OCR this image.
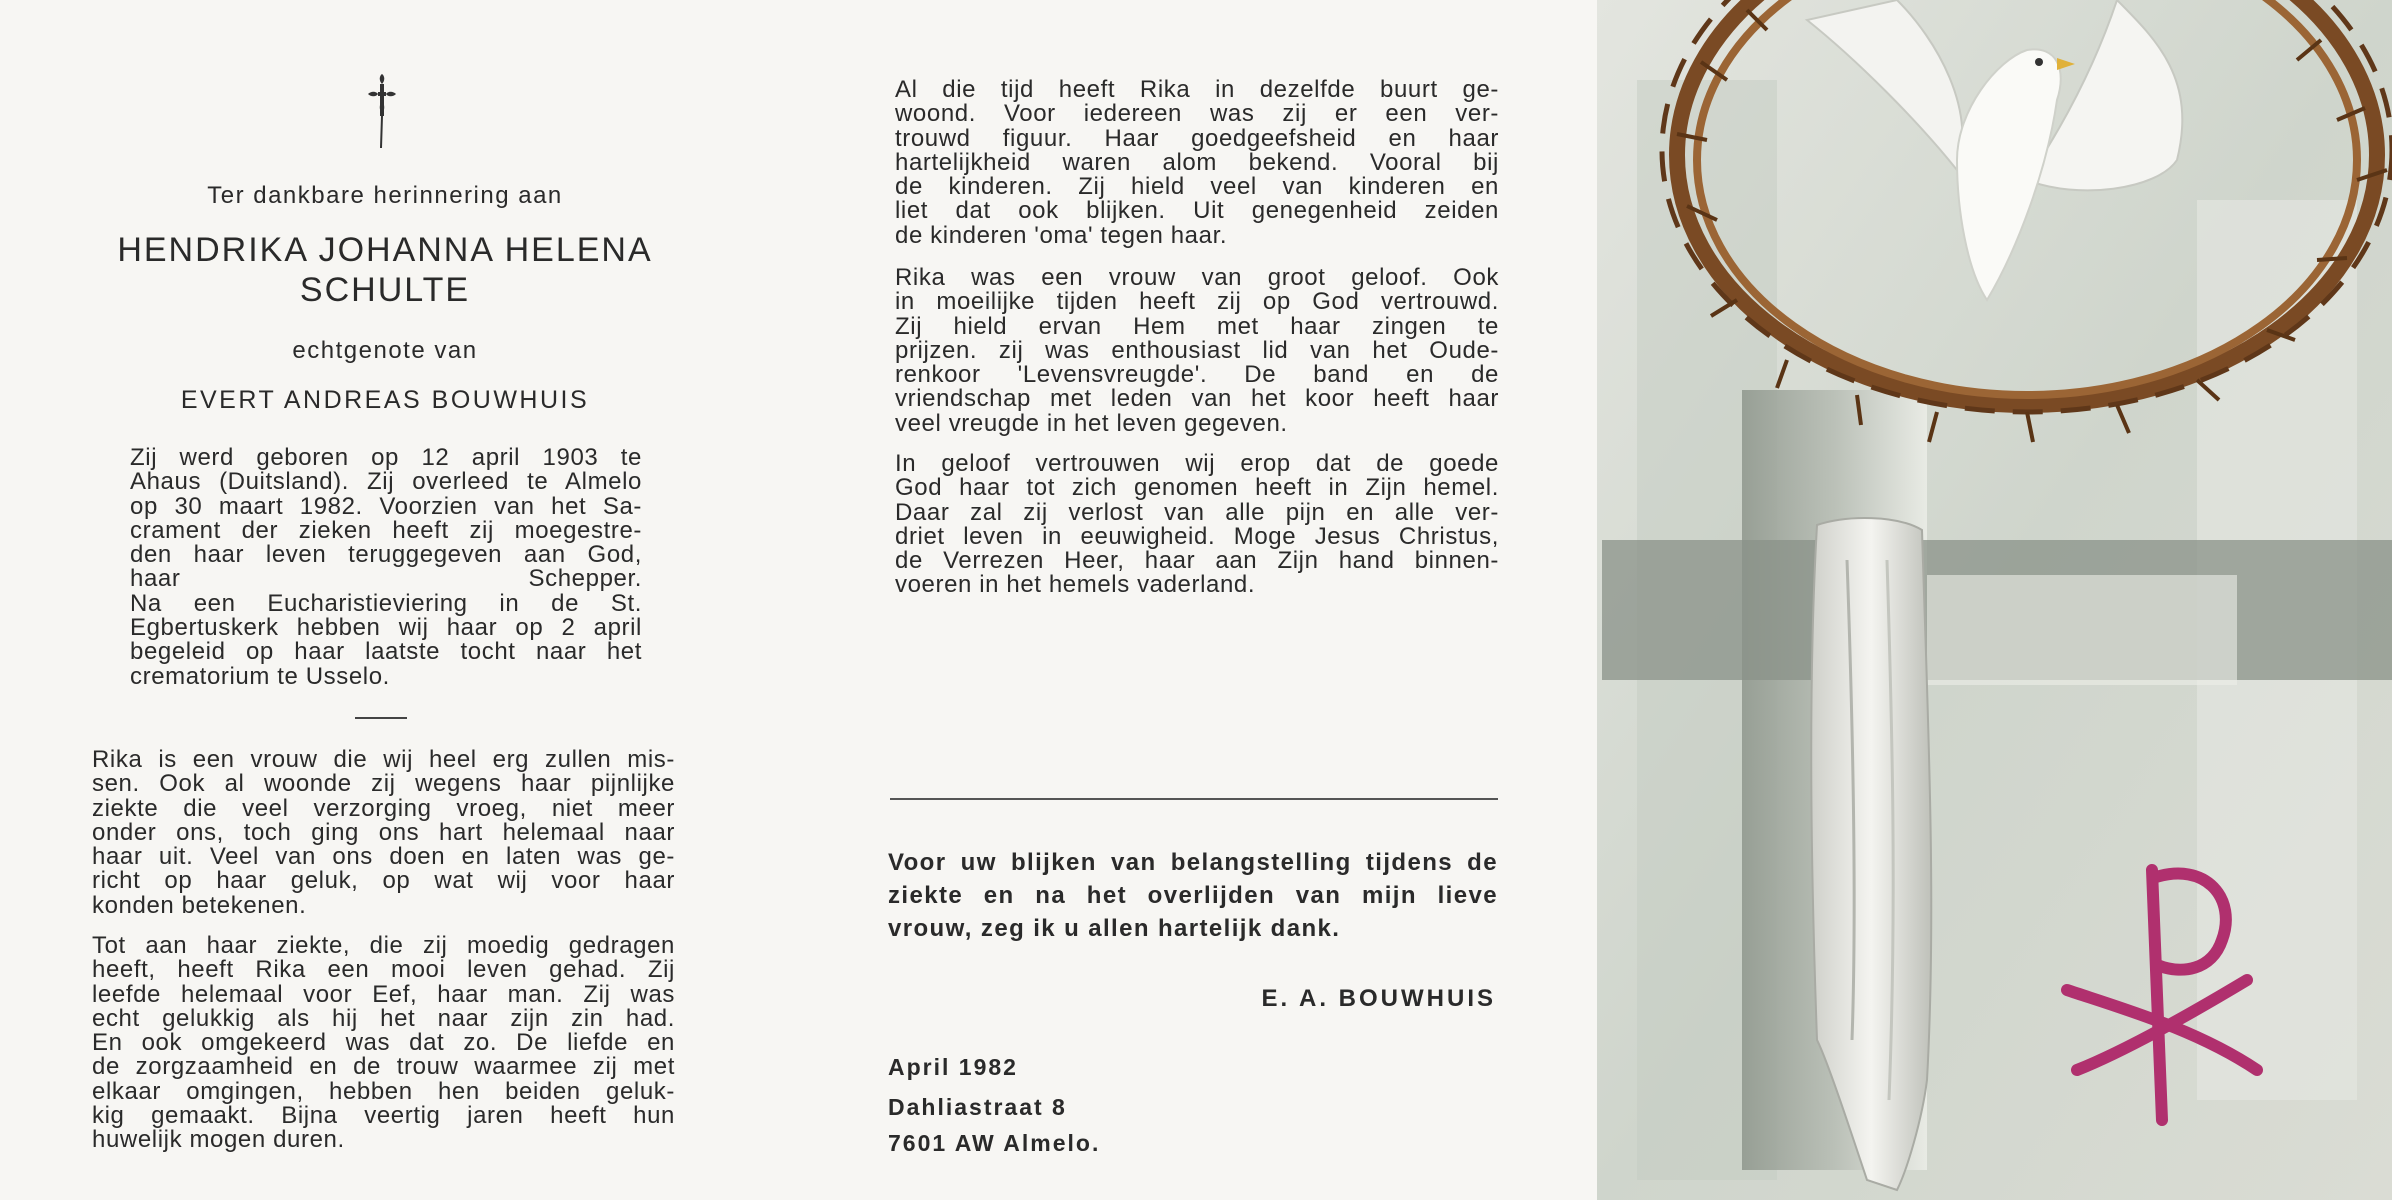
Ter dankbare herinnering aan
HENDRIKA JOHANNA HELENA
SCHULTE
echtgenote van
EVERT ANDREAS BOUWHUIS

Zij werd geboren op 12 april 1903 te
Ahaus (Duitsland). Zij overleed te Almelo
op 30 maart 1982. Voorzien van het Sa-
crament der zieken heeft zij moegestre-
den haar leven teruggegeven aan God,
haar Schepper.
Na een Eucharistieviering in de St.
Egbertuskerk hebben wij haar op 2 april
begeleid op haar laatste tocht naar het
crematorium te Usselo.

Rika is een vrouw die wij heel erg zullen mis-
sen. Ook al woonde zij wegens haar pijnlijke
ziekte die veel verzorging vroeg, niet meer
onder ons, toch ging ons hart helemaal naar
haar uit. Veel van ons doen en laten was ge-
richt op haar geluk, op wat wij voor haar
konden betekenen.

Tot aan haar ziekte, die zij moedig gedragen
heeft, heeft Rika een mooi leven gehad. Zij
leefde helemaal voor Eef, haar man. Zij was
echt gelukkig als hij het naar zijn zin had.
En ook omgekeerd was dat zo. De liefde en
de zorgzaamheid en de trouw waarmee zij met
elkaar omgingen, hebben hen beiden geluk-
kig gemaakt. Bijna veertig jaren heeft hun
huwelijk mogen duren.

Al die tijd heeft Rika in dezelfde buurt ge-
woond. Voor iedereen was zij er een ver-
trouwd figuur. Haar goedgeefsheid en haar
hartelijkheid waren alom bekend. Vooral bij
de kinderen. Zij hield veel van kinderen en
liet dat ook blijken. Uit genegenheid zeiden
de kinderen 'oma' tegen haar.

Rika was een vrouw van groot geloof. Ook
in moeilijke tijden heeft zij op God vertrouwd.
Zij hield ervan Hem met haar zingen te
prijzen. zij was enthousiast lid van het Oude-
renkoor 'Levensvreugde'. De band en de
vriendschap met leden van het koor heeft haar
veel vreugde in het leven gegeven.

In geloof vertrouwen wij erop dat de goede
God haar tot zich genomen heeft in Zijn hemel.
Daar zal zij verlost van alle pijn en alle ver-
driet leven in eeuwigheid. Moge Jesus Christus,
de Verrezen Heer, haar aan Zijn hand binnen-
voeren in het hemels vaderland.

Voor uw blijken van belangstelling tijdens de ziekte en na het overlijden van mijn lieve vrouw, zeg ik u allen hartelijk dank.
E. A. BOUWHUIS
April 1982
Dahliastraat 8
7601 AW Almelo.
